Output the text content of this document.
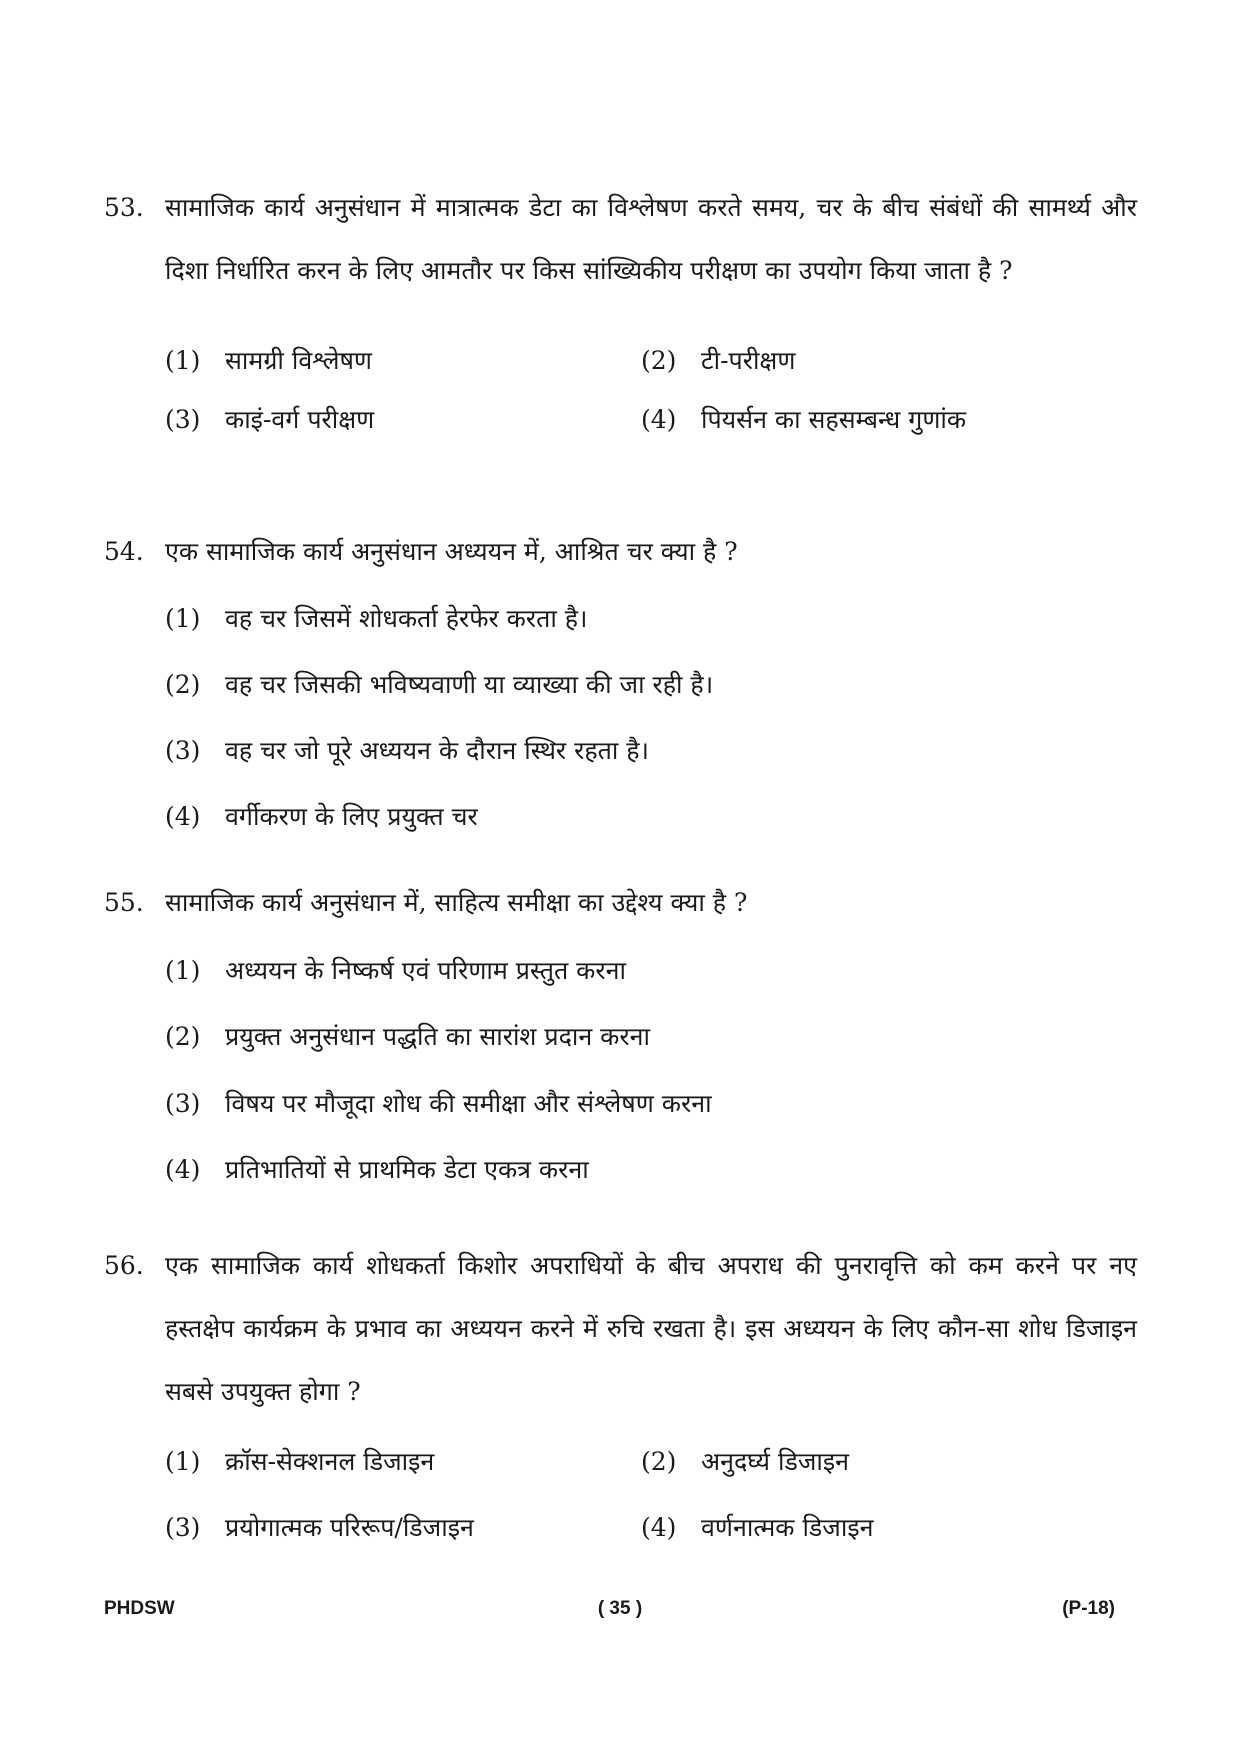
53. सामाजिक कार्य अनुसंधान में मात्रात्मक डेटा का विश्लेषण करते समय, चर के बीच संबंधों की सामर्थ्य और दिशा निर्धारित करन के लिए आमतौर पर किस सांख्यिकीय परीक्षण का उपयोग किया जाता है ?
(1) सामग्री विश्लेषण	(2) टी-परीक्षण
(3) काइं-वर्ग परीक्षण	(4) पियर्सन का सहसम्बन्ध गुणांक
54. एक सामाजिक कार्य अनुसंधान अध्ययन में, आश्रित चर क्या है ?
(1) वह चर जिसमें शोधकर्ता हेरफेर करता है।
(2) वह चर जिसकी भविष्यवाणी या व्याख्या की जा रही है।
(3) वह चर जो पूरे अध्ययन के दौरान स्थिर रहता है।
(4) वर्गीकरण के लिए प्रयुक्त चर
55. सामाजिक कार्य अनुसंधान में, साहित्य समीक्षा का उद्देश्य क्या है ?
(1) अध्ययन के निष्कर्ष एवं परिणाम प्रस्तुत करना
(2) प्रयुक्त अनुसंधान पद्धति का सारांश प्रदान करना
(3) विषय पर मौजूदा शोध की समीक्षा और संश्लेषण करना
(4) प्रतिभातियों से प्राथमिक डेटा एकत्र करना
56. एक सामाजिक कार्य शोधकर्ता किशोर अपराधियों के बीच अपराध की पुनरावृत्ति को कम करने पर नए हस्तक्षेप कार्यक्रम के प्रभाव का अध्ययन करने में रुचि रखता है। इस अध्ययन के लिए कौन-सा शोध डिजाइन सबसे उपयुक्त होगा ?
(1) क्रॉस-सेक्शनल डिजाइन	(2) अनुदर्घ्य डिजाइन
(3) प्रयोगात्मक परिरूप/डिजाइन	(4) वर्णनात्मक डिजाइन
PHDSW	( 35 )	(P-18)
